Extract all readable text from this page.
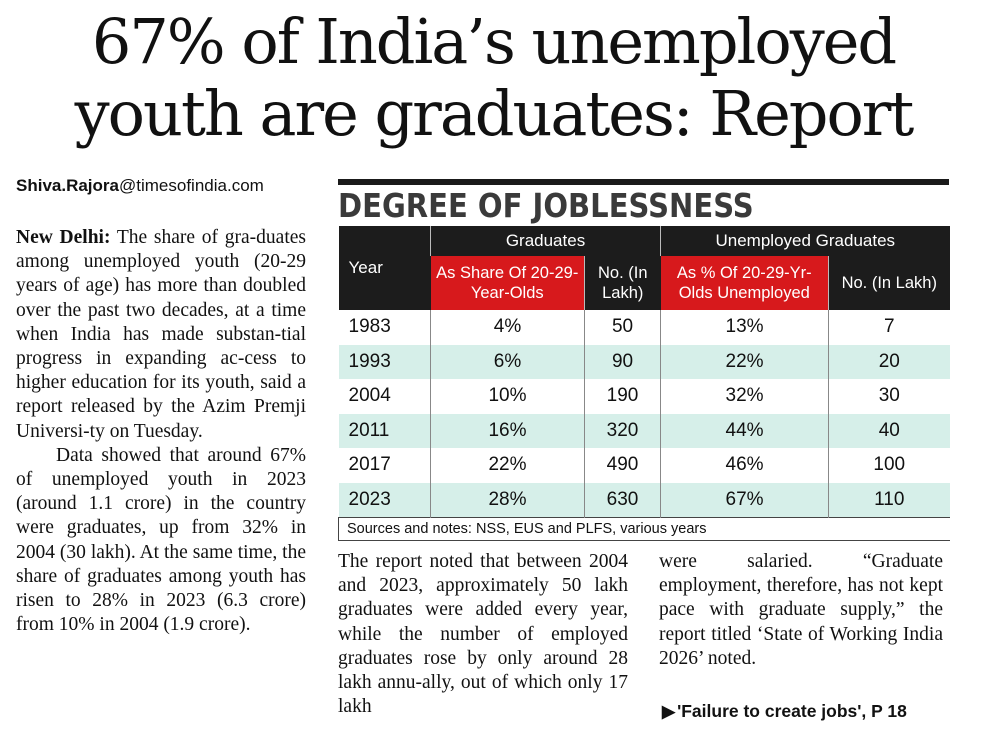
67% of India’s unemployed
youth are graduates: Report
Shiva.Rajora@timesofindia.com

New Delhi: The share of gra-duates among unemployed youth (20-29 years of age) has more than doubled over the past two decades, at a time when India has made substan-tial progress in expanding ac-cess to higher education for its youth, said a report released by the Azim Premji Universi-ty on Tuesday.

Data showed that around 67% of unemployed youth in 2023 (around 1.1 crore) in the country were graduates, up from 32% in 2004 (30 lakh). At the same time, the share of graduates among youth has risen to 28% in 2023 (6.3 crore) from 10% in 2004 (1.9 crore).

DEGREE OF JOBLESSNESS
Year	Graduates		Unemployed Graduates	
	As Share Of 20-29-Year-Olds	No. (In Lakh)	As % Of 20-29-Yr-Olds Unemployed	No. (In Lakh)
1983	4%	50	13%	7
1993	6%	90	22%	20
2004	10%	190	32%	30
2011	16%	320	44%	40
2017	22%	490	46%	100
2023	28%	630	67%	110
Sources and notes: NSS, EUS and PLFS, various years				
The report noted that between 2004 and 2023, approximately 50 lakh graduates were added every year, while the number of employed graduates rose by only around 28 lakh annu-ally, out of which only 17 lakh
were salaried. “Graduate employment, therefore, has not kept pace with graduate supply,” the report titled ‘State of Working India 2026’ noted.
▶ 'Failure to create jobs', P 18
